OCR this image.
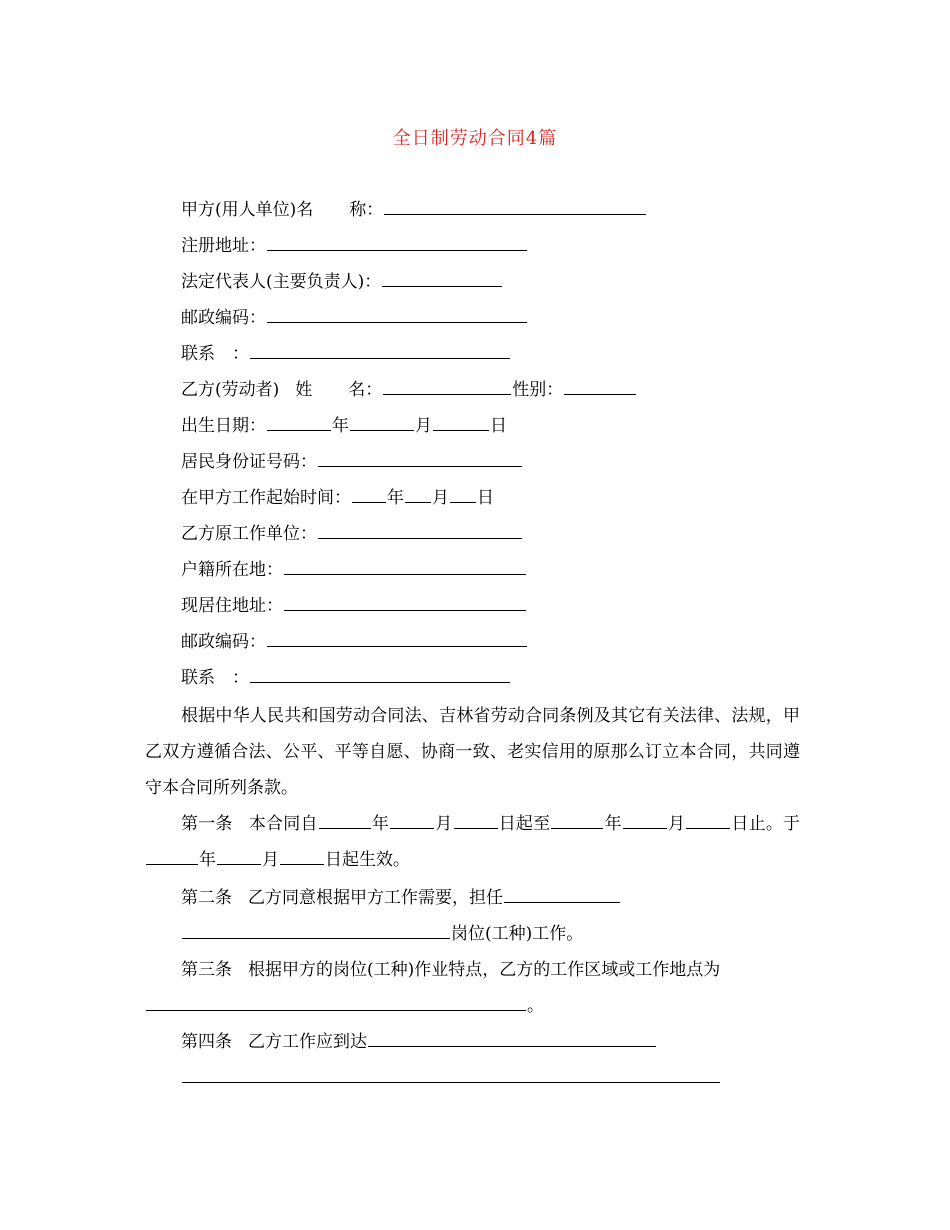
全日制劳动合同4篇
甲方(用人单位)名 称：
注册地址：
法定代表人(主要负责人)：
邮政编码：
联系　：
乙方(劳动者) 姓 名：	性别：
出生日期：	年	月	日
居民身份证号码：
在甲方工作起始时间： 年 月 日
乙方原工作单位：
户籍所在地：
现居住地址：
邮政编码：
联系　：
根据中华人民共和国劳动合同法、吉林省劳动合同条例及其它有关法律、法规，甲乙双方遵循合法、公平、平等自愿、协商一致、老实信用的原那么订立本合同，共同遵守本合同所列条款。
第一条 本合同自	年	月	日起至	年	月	日止。于年	月	日起生效。
第二条 乙方同意根据甲方工作需要，担任
岗位(工种)工作。
第三条 根据甲方的岗位(工种)作业特点，乙方的工作区域或工作地点为
。
第四条 乙方工作应到达
